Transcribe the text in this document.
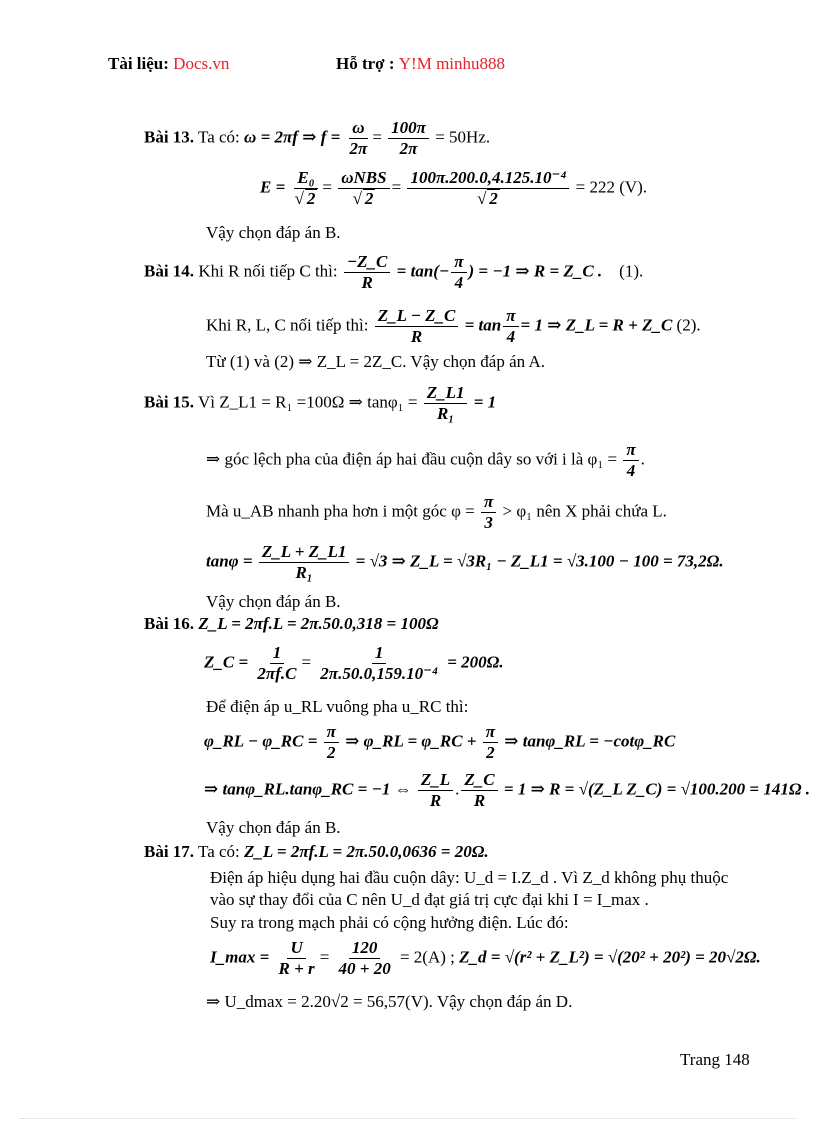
Tài liệu: Docs.vn	Hỗ trợ : Y!M minhu888
Bài 13. Ta có: ω = 2πf ⇒ $f = \frac{\omega}{2\pi} = \frac{100\pi}{2\pi} = 50Hz$.
$E = \frac{\text{E₀}}{√ 2} = \omega NBS$
√ 2
= $\frac{\text{100π.200.0,4.125.10⁻⁴}}{√ 2} = 222$ (V).
Vậy chọn đáp án B.
Bài 14. Khi R nối tiếp C thì: $\frac{-Z\_C}{R} = \tan(- \frac{\pi}{4}$ ) = −1 ⇒ R = Z_C . (1).
Khi R, L, C nối tiếp thì: $\frac{Z\_L - Z\_C}{R} = \tan \frac{\pi}{4} = 1$ ⇒ Z_L = R + Z_C (2).
Từ (1) và (2) ⇒ Z_L = 2Z_C. Vậy chọn đáp án A.
Bài 15. Vì Z_L1 = R₁ =100Ω ⇒ $\tan\varphi_1 = \frac{Z\_L1}{\text{R₁}} = 1$
⇒ góc lệch pha của điện áp hai đầu cuộn dây so với i là $\varphi_1 = \frac{\pi}{4}$ .
Mà u_AB nhanh pha hơn i một góc $\varphi = \frac{\pi}{3} > \varphi_1$ nên X phải chứa L.
$\tan\varphi = \frac{Z\_L + Z\_L1}{\text{R₁}} = √3$ ⇒ Z_L = √3R₁ − Z_L1 = √3.100 − 100 = 73,2Ω.
Vậy chọn đáp án B.
Bài 16. Z_L = 2πf.L = 2π.50.0,318 = 100Ω
Z_C = $\frac{1}{2\pi f.C} = \frac{1}{\text{2π.50.0,159.10⁻⁴}} = 200\Omega$.
Để điện áp u_RL vuông pha u_RC thì:
φ_RL − φ_RC = $\frac{\pi}{2}$ ⇒ φ_RL = φ_RC + $\frac{\pi}{2}$ ⇒ tanφ_RL = −cotφ_RC
⇒ tanφ_RL.tanφ_RC = −1 ⇔ $\frac{Z\_L}{R}$ . $\frac{Z\_C}{R} = 1$ ⇒ R = √(Z_L Z_C) = √100.200 = 141Ω .
Vậy chọn đáp án B.
Bài 17. Ta có: Z_L = 2πf.L = 2π.50.0,0636 = 20Ω.
Điện áp hiệu dụng hai đầu cuộn dây: U_d = I.Z_d . Vì Z_d không phụ thuộc
vào sự thay đổi của C nên U_d đạt giá trị cực đại khi I = I_max .
Suy ra trong mạch phải có cộng hưởng điện. Lúc đó:
I_max = $\frac{U}{R + r} = \frac{120}{40 + 20} = 2(A)$ ; Z_d = √(r² + Z_L²) = √(20² + 20²) = 20√2Ω.
⇒ U_dmax = 2.20√2 = 56,57(V). Vậy chọn đáp án D.
Trang 148
